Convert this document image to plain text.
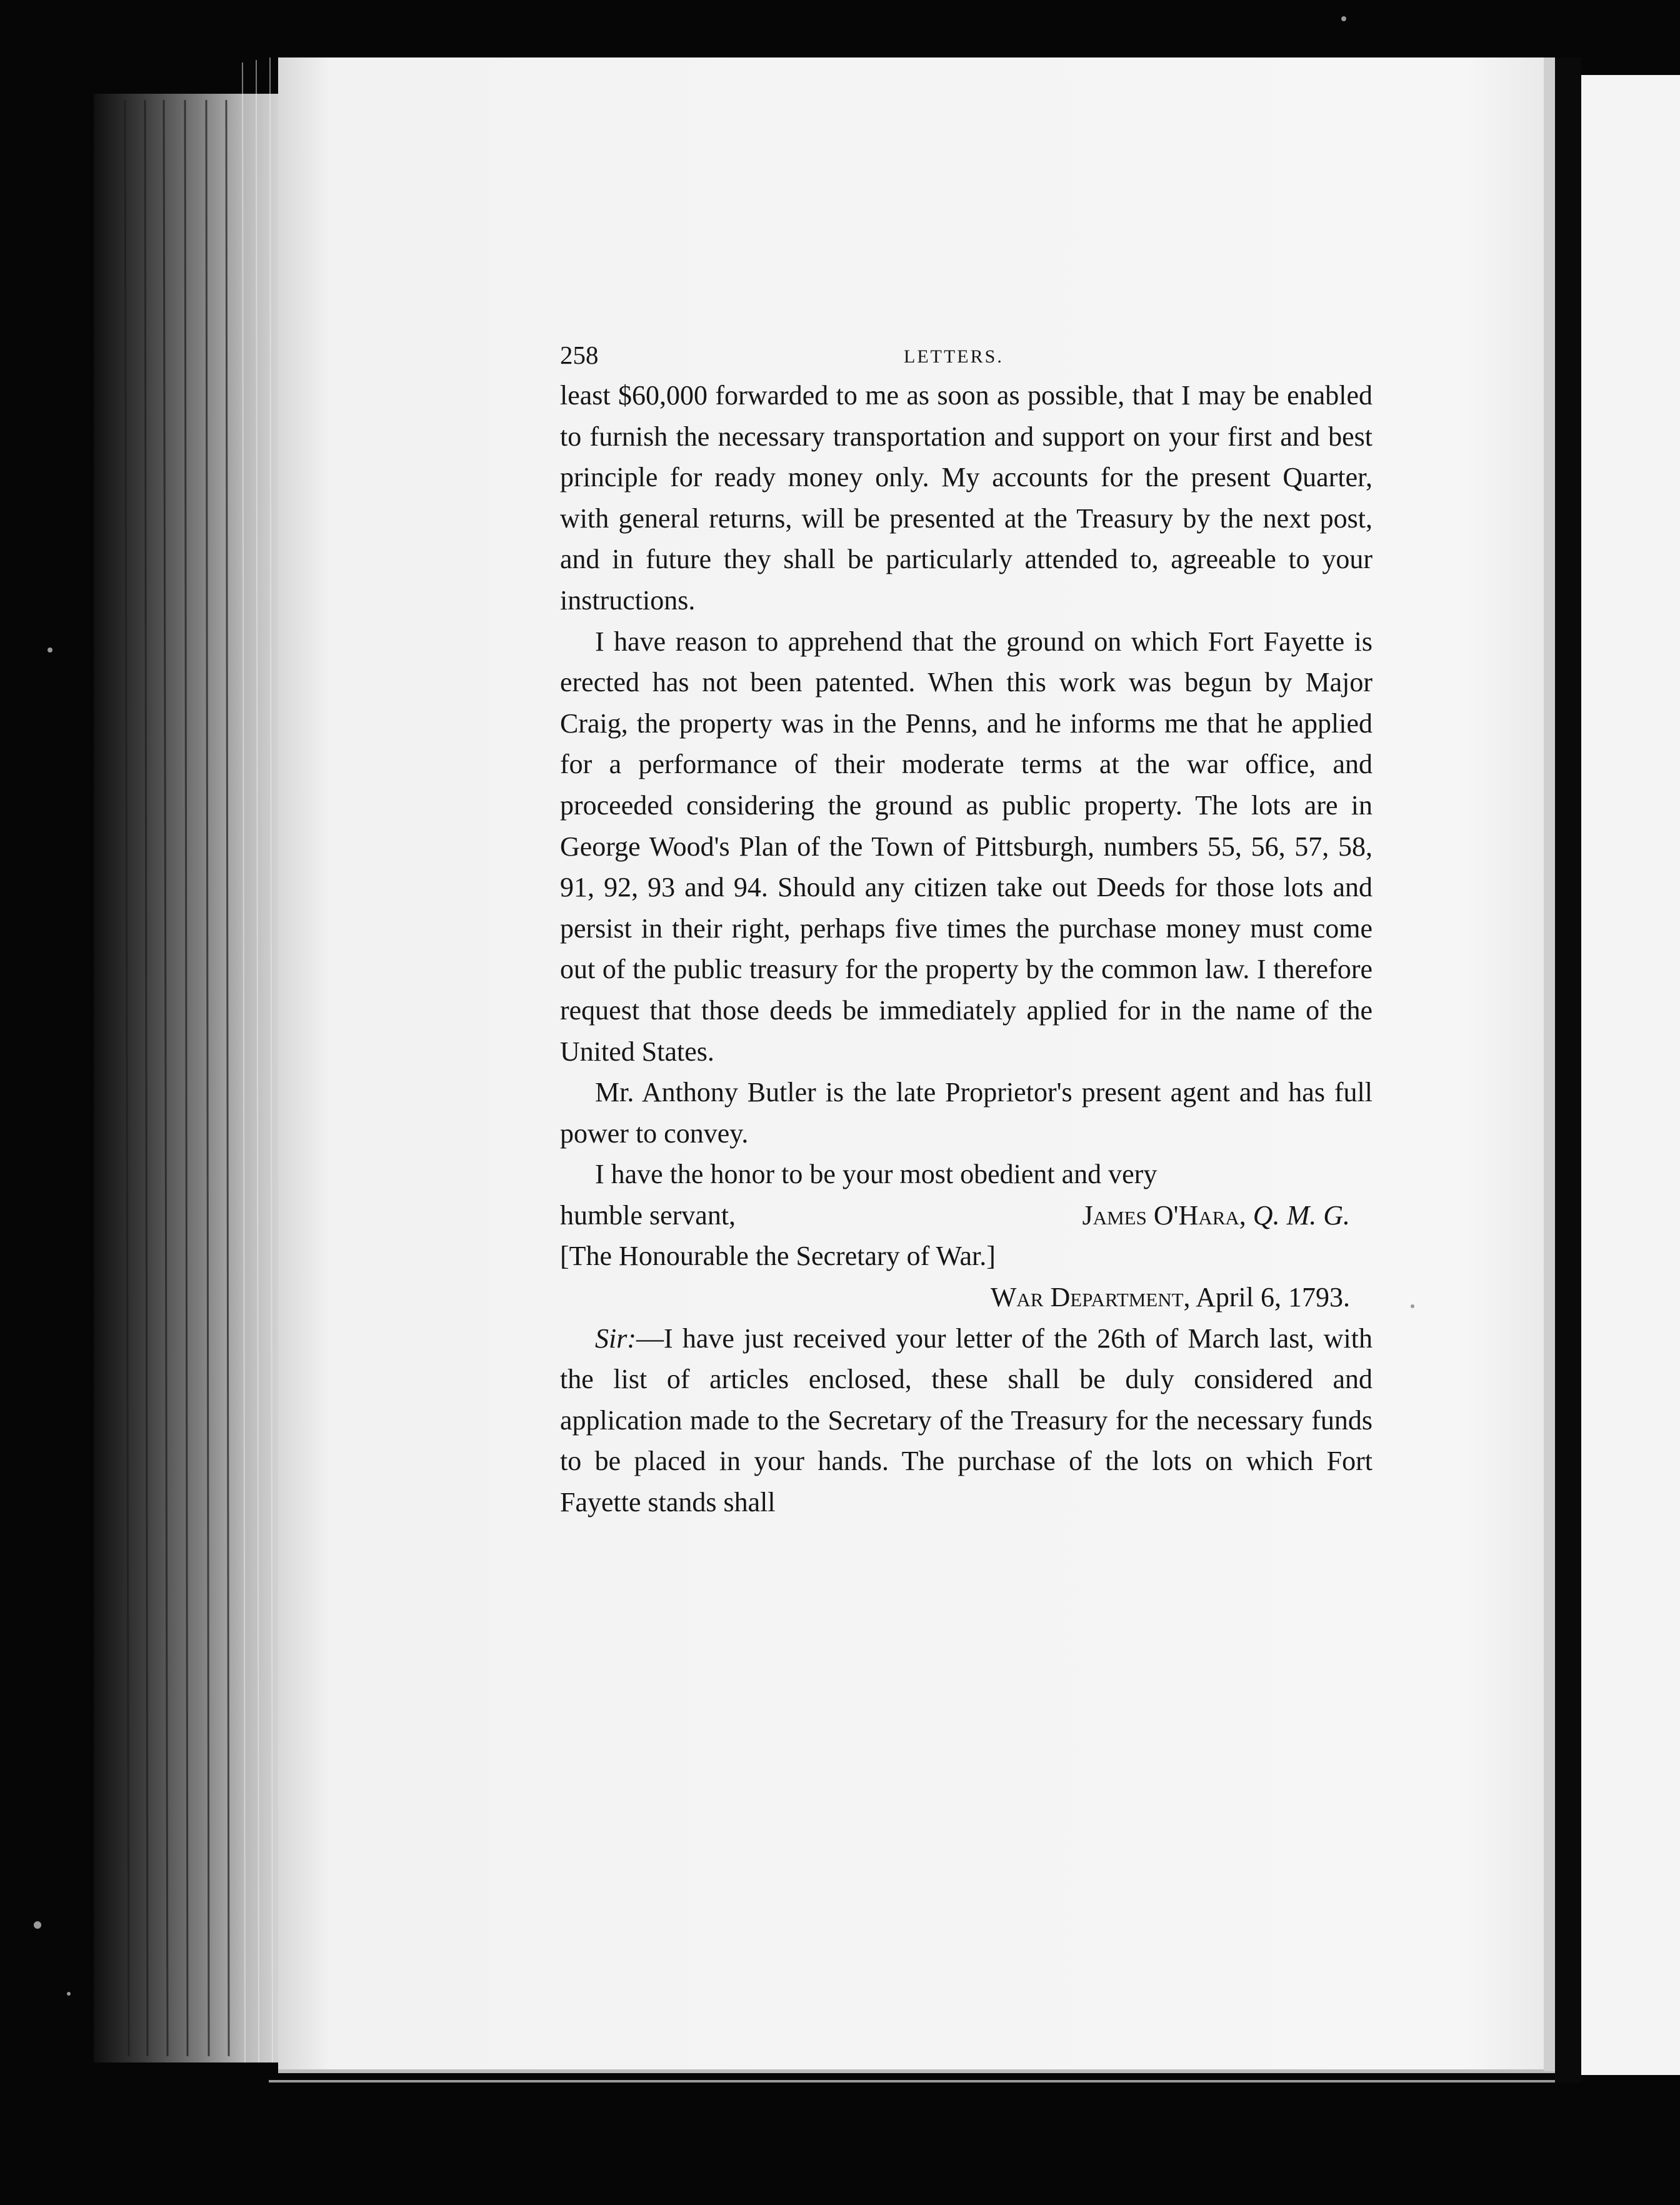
258	LETTERS.

least $60,000 forwarded to me as soon as possible, that I may be enabled to furnish the necessary transportation and support on your first and best principle for ready money only. My accounts for the present Quarter, with general returns, will be presented at the Treasury by the next post, and in future they shall be particularly attended to, agreeable to your instructions.

I have reason to apprehend that the ground on which Fort Fayette is erected has not been patented. When this work was begun by Major Craig, the property was in the Penns, and he informs me that he applied for a performance of their moderate terms at the war office, and proceeded considering the ground as public property. The lots are in George Wood's Plan of the Town of Pittsburgh, numbers 55, 56, 57, 58, 91, 92, 93 and 94. Should any citizen take out Deeds for those lots and persist in their right, perhaps five times the purchase money must come out of the public treasury for the property by the common law. I therefore request that those deeds be immediately applied for in the name of the United States.

Mr. Anthony Butler is the late Proprietor's present agent and has full power to convey.

I have the honor to be your most obedient and very

humble servant,	James O'Hara, Q. M. G.

[The Honourable the Secretary of War.]

War Department, April 6, 1793.

Sir:—I have just received your letter of the 26th of March last, with the list of articles enclosed, these shall be duly considered and application made to the Secretary of the Treasury for the necessary funds to be placed in your hands. The purchase of the lots on which Fort Fayette stands shall
